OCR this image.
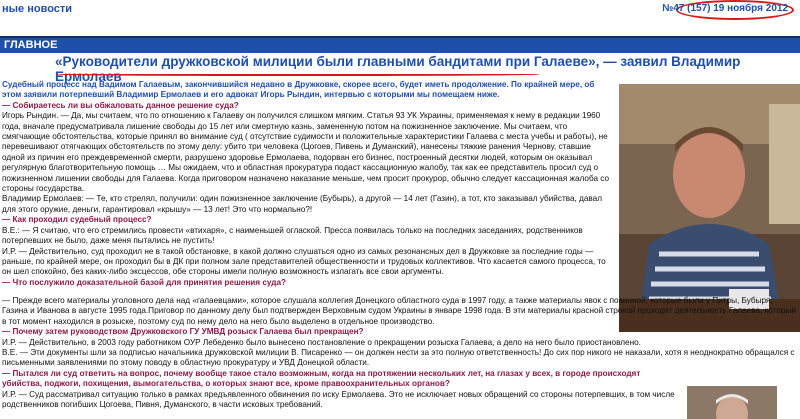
ные новости	№47 (157) 19 ноября 2012
ГЛАВНОЕ
«Руководители дружковской милиции были главными бандитами при Галаеве», — заявил Владимир Ермолаев

Судебный процесс над Вадимом Галаевым, закончившийся недавно в Дружковке, скорее всего, будет иметь продолжение. По крайней мере, об этом заявили потерпевший Владимир Ермолаев и его адвокат Игорь Рындин, интервью с которыми мы помещаем ниже.

— Собираетесь ли вы обжаловать данное решение суда?

Игорь Рындин. — Да, мы считаем, что по отношению к Галаеву он получился слишком мягким. Статья 93 УК Украины, применяемая к нему в редакции 1960 года, вначале предусматривала лишение свободы до 15 лет или смертную казнь, замененную потом на пожизненное заключение. Мы считаем, что смягчающие обстоятельства, которые принял во внимание суд ( отсутствие судимости и положительные характеристики Галаева с места учебы и работы), не перевешивают отягчающих обстоятельств по этому делу: убито три человека (Цогоев, Пивень и Думанский), нанесены тяжкие ранения Чернову, ставшие одной из причин его преждевременной смерти, разрушено здоровье Ермолаева, подорван его бизнес, построенный десятки людей, которым он оказывал регулярную благотворительную помощь … Мы ожидаем, что и областная прокуратура подаст кассационную жалобу, так как ее представитель просил суд о пожизненном лишении свободы для Галаева. Когда приговором назначено наказание меньше, чем просит прокурор, обычно следует кассационная жалоба со стороны государства.

Владимир Ермолаев: — Те, кто стрелял, получили: один пожизненное заключение (Бубырь), а другой — 14 лет (Газин), а тот, кто заказывал убийства, давал для этого оружие, деньги, гарантировал «крышу» — 13 лет! Это что нормально?!

— Как проходил судебный процесс?

В.Е.: — Я считаю, что его стремились провести «втихаря», с наименьшей оглаской. Пресса появилась только на последних заседаниях, родственников потерпевших не было, даже меня пытались не пустить!

И.Р. — Действительно, суд проходил не в такой обстановке, в какой должно слушаться одно из самых резонансных дел в Дружковке за последние годы — раньше, по крайней мере, он проходил бы в ДК при полном зале представителей общественности и трудовых коллективов. Что касается самого процесса, то он шел спокойно, без каких-либо эксцессов, обе стороны имели полную возможность излагать все свои аргументы.

— Что послужило доказательной базой для принятия решения суда?

— Прежде всего материалы уголовного дела над «галаевцами», которое слушала коллегия Донецкого областного суда в 1997 году, а также материалы явок с повинной, которые были у Питры, Бубыря, Газина и Иванова в августе 1995 года.Приговор по данному делу был подтвержден Верховным судом Украины в январе 1998 года. В эти материалы красной строкой проходит деятельность Галаева, который в тот момент находился в розыске, поэтому суд по нему дело на него было выделено в отдельное производство.

— Почему затем руководством Дружковского ГУ УМВД розыск Галаева был прекращен?

И.Р. — Действительно, в 2003 году работником ОУР Лебеденко было вынесено постановление о прекращении розыска Галаева, а дело на него было приостановлено.

В.Е. — Эти документы шли за подписью начальника дружковской милиции В. Писаренко — он должен нести за это полную ответственность! До сих пор никого не наказали, хотя я неоднократно обращался с письменными заявлениями по этому поводу в областную прокуратуру и УВД Донецкой области.

— Пытался ли суд ответить на вопрос, почему вообще такое стало возможным, когда на протяжении нескольких лет, на глазах у всех, в городе происходят убийства, поджоги, похищения, вымогательства, о которых знают все, кроме правоохранительных органов?

И.Р. — Суд рассматривал ситуацию только в рамках предъявленного обвинения по иску Ермолаева. Это не исключает новых обращений со стороны потерпевших, в том числе родственников погибших Цогоева, Пивня, Думанского, в части исковых требований.
